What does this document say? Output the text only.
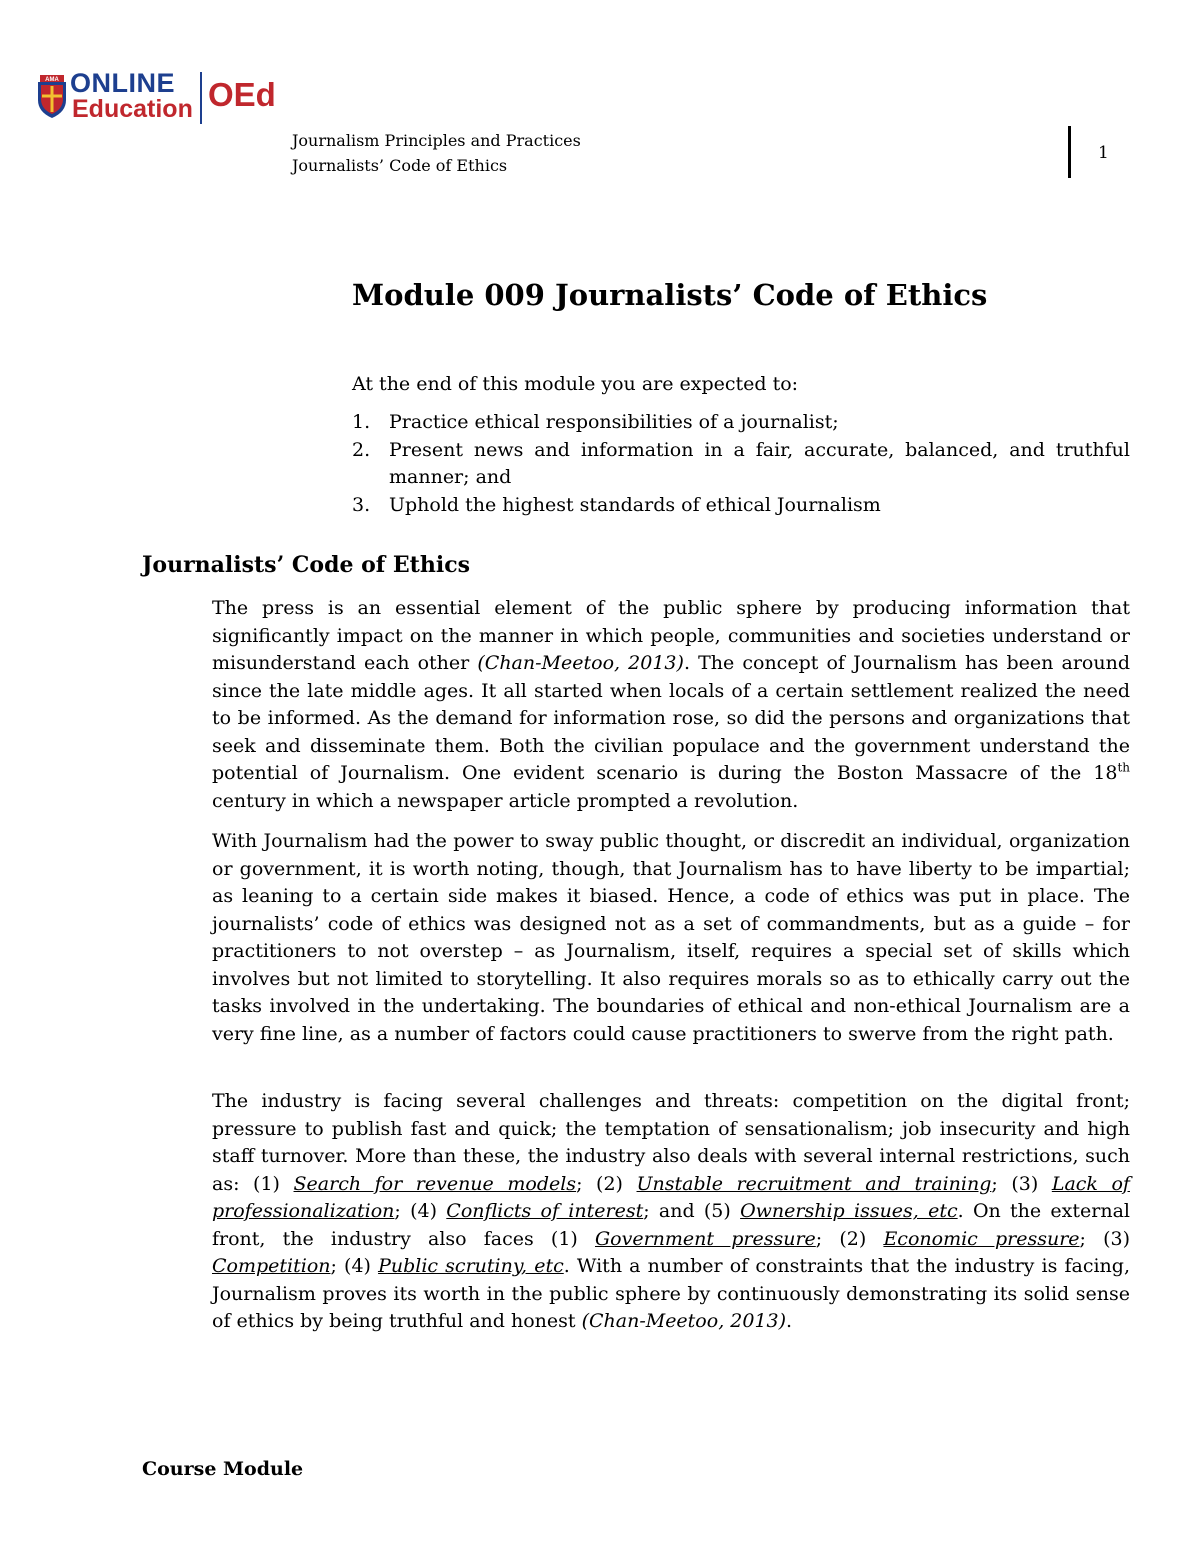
AMA ONLINE
Education OEd
Journalism Principles and Practices
Journalists’ Code of Ethics
1
Module 009 Journalists’ Code of Ethics
At the end of this module you are expected to:
1. Practice ethical responsibilities of a journalist;
2. Present news and information in a fair, accurate, balanced, and truthful manner; and
3. Uphold the highest standards of ethical Journalism
Journalists’ Code of Ethics

The press is an essential element of the public sphere by producing information that significantly impact on the manner in which people, communities and societies understand or misunderstand each other (Chan-Meetoo, 2013). The concept of Journalism has been around since the late middle ages. It all started when locals of a certain settlement realized the need to be informed. As the demand for information rose, so did the persons and organizations that seek and disseminate them. Both the civilian populace and the government understand the potential of Journalism. One evident scenario is during the Boston Massacre of the 18th century in which a newspaper article prompted a revolution.

With Journalism had the power to sway public thought, or discredit an individual, organization or government, it is worth noting, though, that Journalism has to have liberty to be impartial; as leaning to a certain side makes it biased. Hence, a code of ethics was put in place. The journalists’ code of ethics was designed not as a set of commandments, but as a guide – for practitioners to not overstep – as Journalism, itself, requires a special set of skills which involves but not limited to storytelling. It also requires morals so as to ethically carry out the tasks involved in the undertaking. The boundaries of ethical and non-ethical Journalism are a very fine line, as a number of factors could cause practitioners to swerve from the right path.

The industry is facing several challenges and threats: competition on the digital front; pressure to publish fast and quick; the temptation of sensationalism; job insecurity and high staff turnover. More than these, the industry also deals with several internal restrictions, such as: (1) Search for revenue models; (2) Unstable recruitment and training; (3) Lack of professionalization; (4) Conflicts of interest; and (5) Ownership issues, etc. On the external front, the industry also faces (1) Government pressure; (2) Economic pressure; (3) Competition; (4) Public scrutiny, etc. With a number of constraints that the industry is facing, Journalism proves its worth in the public sphere by continuously demonstrating its solid sense of ethics by being truthful and honest (Chan-Meetoo, 2013).

Course Module
